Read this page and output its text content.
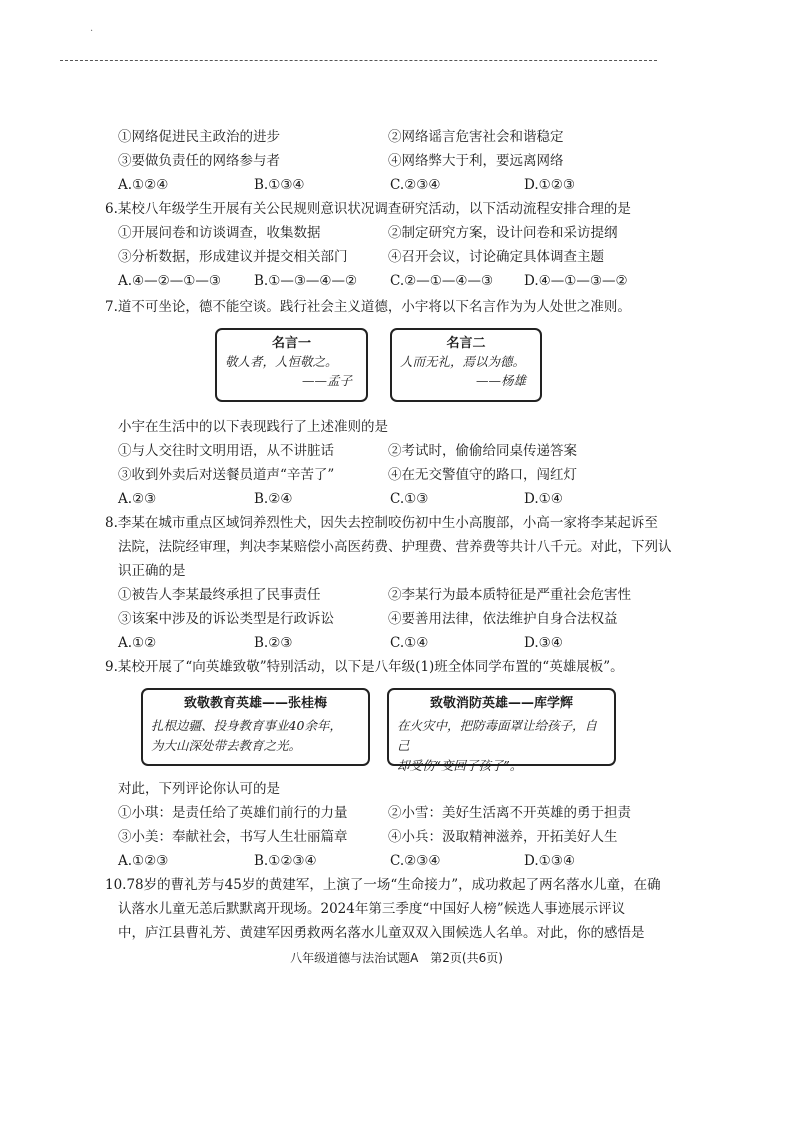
·
①网络促进民主政治的进步	②网络谣言危害社会和谐稳定
③要做负责任的网络参与者	④网络弊大于利，要远离网络
A.①②④	B.①③④	C.②③④	D.①②③
6.某校八年级学生开展有关公民规则意识状况调查研究活动，以下活动流程安排合理的是
①开展问卷和访谈调查，收集数据	②制定研究方案，设计问卷和采访提纲
③分析数据，形成建议并提交相关部门	④召开会议，讨论确定具体调查主题
A.④—②—①—③ B.①—③—④—② C.②—①—④—③ D.④—①—③—②
7.道不可坐论，德不能空谈。践行社会主义道德，小宇将以下名言作为为人处世之准则。
名言一
敬人者，人恒敬之。
——孟子
名言二
人而无礼，焉以为德。
——杨雄
小宇在生活中的以下表现践行了上述准则的是
①与人交往时文明用语，从不讲脏话	②考试时，偷偷给同桌传递答案
③收到外卖后对送餐员道声“辛苦了”	④在无交警值守的路口，闯红灯
A.②③	B.②④	C.①③	D.①④
8.李某在城市重点区域饲养烈性犬，因失去控制咬伤初中生小高腹部，小高一家将李某起诉至
法院，法院经审理，判决李某赔偿小高医药费、护理费、营养费等共计八千元。对此，下列认
识正确的是
①被告人李某最终承担了民事责任	②李某行为最本质特征是严重社会危害性
③该案中涉及的诉讼类型是行政诉讼	④要善用法律，依法维护自身合法权益
A.①②	B.②③	C.①④	D.③④
9.某校开展了“向英雄致敬”特别活动，以下是八年级(1)班全体同学布置的“英雄展板”。
致敬教育英雄——张桂梅
扎根边疆、投身教育事业40余年，
为大山深处带去教育之光。
致敬消防英雄——库学辉
在火灾中，把防毒面罩让给孩子，自己
却受伤“变回了孩子”。
对此，下列评论你认可的是
①小琪：是责任给了英雄们前行的力量	②小雪：美好生活离不开英雄的勇于担责
③小美：奉献社会，书写人生壮丽篇章	④小兵：汲取精神滋养，开拓美好人生
A.①②③	B.①②③④	C.②③④	D.①③④
10.78岁的曹礼芳与45岁的黄建军，上演了一场“生命接力”，成功救起了两名落水儿童，在确
认落水儿童无恙后默默离开现场。2024年第三季度“中国好人榜”候选人事迹展示评议
中，庐江县曹礼芳、黄建军因勇救两名落水儿童双双入围候选人名单。对此，你的感悟是
八年级道德与法治试题A　第2页(共6页)
